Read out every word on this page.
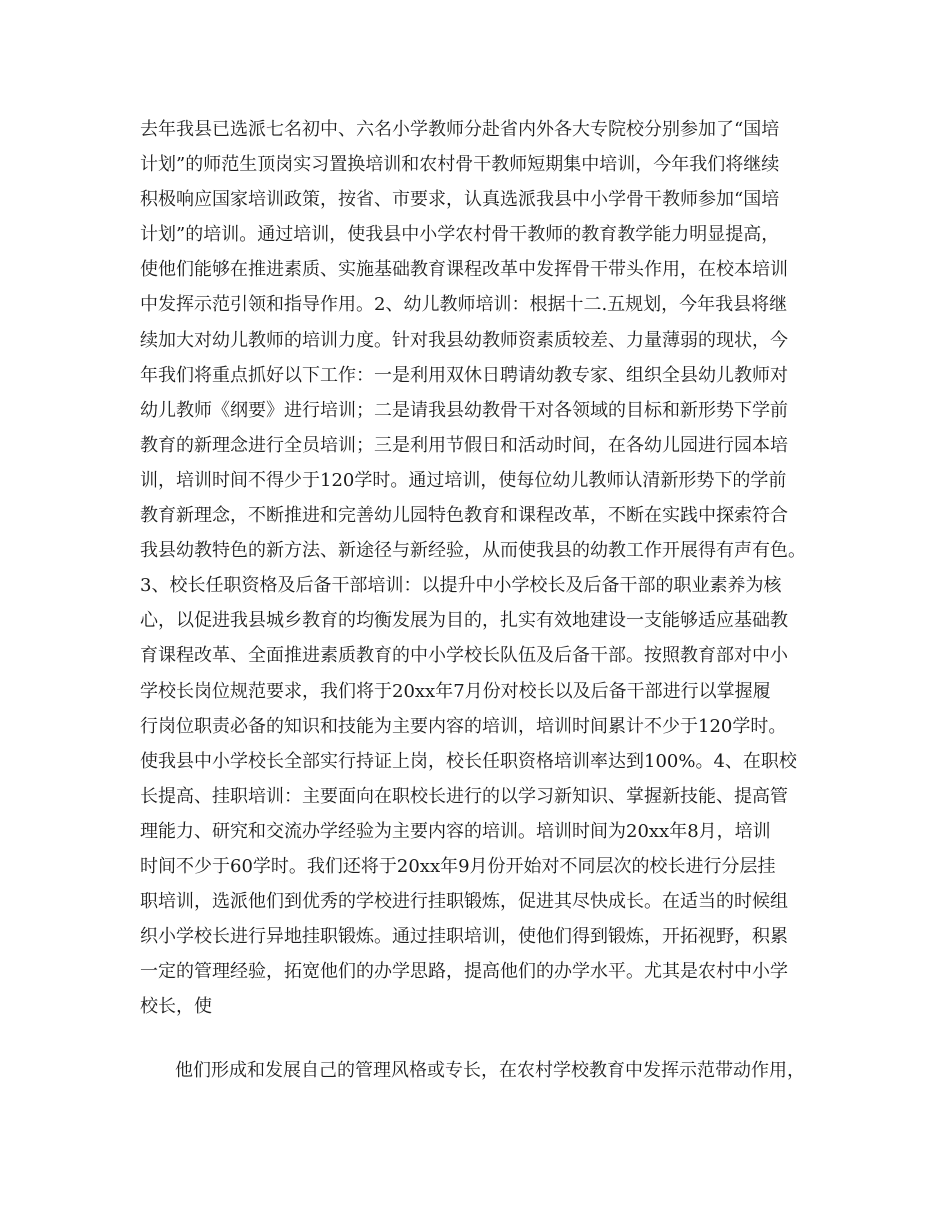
去年我县已选派七名初中、六名小学教师分赴省内外各大专院校分别参加了“国培
计划”的师范生顶岗实习置换培训和农村骨干教师短期集中培训，今年我们将继续
积极响应国家培训政策，按省、市要求，认真选派我县中小学骨干教师参加“国培
计划”的培训。通过培训，使我县中小学农村骨干教师的教育教学能力明显提高，
使他们能够在推进素质、实施基础教育课程改革中发挥骨干带头作用，在校本培训
中发挥示范引领和指导作用。2、幼儿教师培训：根据十二.五规划，今年我县将继
续加大对幼儿教师的培训力度。针对我县幼教师资素质较差、力量薄弱的现状，今
年我们将重点抓好以下工作：一是利用双休日聘请幼教专家、组织全县幼儿教师对
幼儿教师《纲要》进行培训；二是请我县幼教骨干对各领域的目标和新形势下学前
教育的新理念进行全员培训；三是利用节假日和活动时间，在各幼儿园进行园本培
训，培训时间不得少于120学时。通过培训，使每位幼儿教师认清新形势下的学前
教育新理念，不断推进和完善幼儿园特色教育和课程改革，不断在实践中探索符合
我县幼教特色的新方法、新途径与新经验，从而使我县的幼教工作开展得有声有色。
3、校长任职资格及后备干部培训：以提升中小学校长及后备干部的职业素养为核
心，以促进我县城乡教育的均衡发展为目的，扎实有效地建设一支能够适应基础教
育课程改革、全面推进素质教育的中小学校长队伍及后备干部。按照教育部对中小
学校长岗位规范要求，我们将于20xx年7月份对校长以及后备干部进行以掌握履
行岗位职责必备的知识和技能为主要内容的培训，培训时间累计不少于120学时。
使我县中小学校长全部实行持证上岗，校长任职资格培训率达到100%。4、在职校
长提高、挂职培训：主要面向在职校长进行的以学习新知识、掌握新技能、提高管
理能力、研究和交流办学经验为主要内容的培训。培训时间为20xx年8月，培训
时间不少于60学时。我们还将于20xx年9月份开始对不同层次的校长进行分层挂
职培训，选派他们到优秀的学校进行挂职锻炼，促进其尽快成长。在适当的时候组
织小学校长进行异地挂职锻炼。通过挂职培训，使他们得到锻炼，开拓视野，积累
一定的管理经验，拓宽他们的办学思路，提高他们的办学水平。尤其是农村中小学
校长，使
他们形成和发展自己的管理风格或专长，在农村学校教育中发挥示范带动作用，
